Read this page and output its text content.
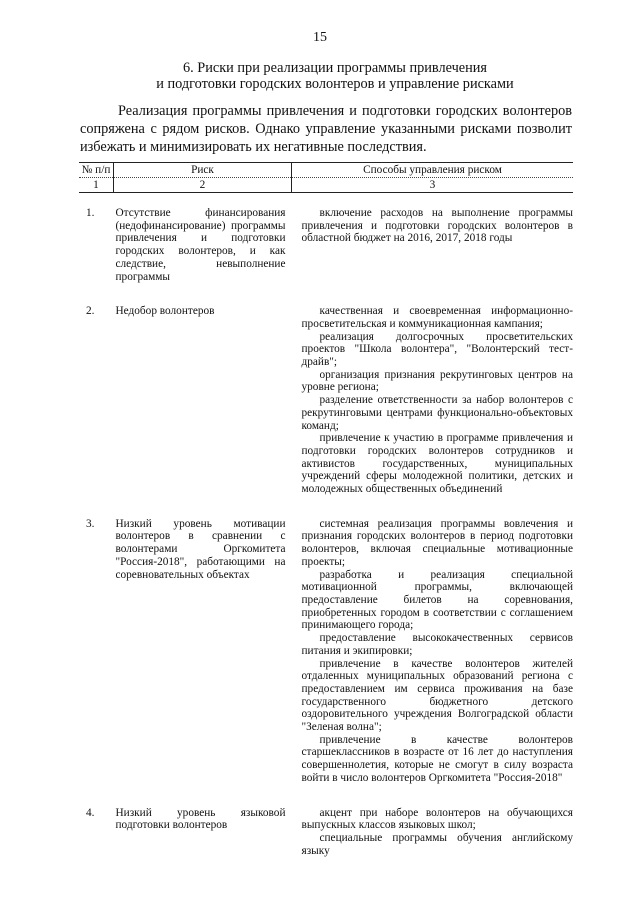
15
6. Риски при реализации программы привлечения
и подготовки городских волонтеров и управление рисками

Реализация программы привлечения и подготовки городских волонтеров сопряжена с рядом рисков. Однако управление указанными рисками позволит избежать и минимизировать их негативные последствия.

№ п/п	Риск	Способы управления риском
1	2	3

1.	Отсутствие финансирования (недофинансирование) программы привлечения и подготовки городских волонтеров, и как следствие, невыполнение программы	включение расходов на выполнение программы привлечения и подготовки городских волонтеров в областной бюджет на 2016, 2017, 2018 годы

2.	Недобор волонтеров	качественная и своевременная информационно-просветительская и коммуникационная кампания;

реализация долгосрочных просветительских проектов "Школа волонтера", "Волонтерский тест-драйв";

организация признания рекрутинговых центров на уровне региона;

разделение ответственности за набор волонтеров с рекрутинговыми центрами функционально-объектовых команд;

привлечение к участию в программе привлечения и подготовки городских волонтеров сотрудников и активистов государственных, муниципальных учреждений сферы молодежной политики, детских и молодежных общественных объединений

3.	Низкий уровень мотивации волонтеров в сравнении с волонтерами Оргкомитета "Россия-2018", работающими на соревновательных объектах	системная реализация программы вовлечения и признания городских волонтеров в период подготовки волонтеров, включая специальные мотивационные проекты;

разработка и реализация специальной мотивационной программы, включающей предоставление билетов на соревнования, приобретенных городом в соответствии с соглашением принимающего города;

предоставление высококачественных сервисов питания и экипировки;

привлечение в качестве волонтеров жителей отдаленных муниципальных образований региона с предоставлением им сервиса проживания на базе государственного бюджетного детского оздоровительного учреждения Волгоградской области "Зеленая волна";

привлечение в качестве волонтеров старшеклассников в возрасте от 16 лет до наступления совершеннолетия, которые не смогут в силу возраста войти в число волонтеров Оргкомитета "Россия-2018"

4.	Низкий уровень языковой подготовки волонтеров	акцент при наборе волонтеров на обучающихся выпускных классов языковых школ;

специальные программы обучения английскому языку
